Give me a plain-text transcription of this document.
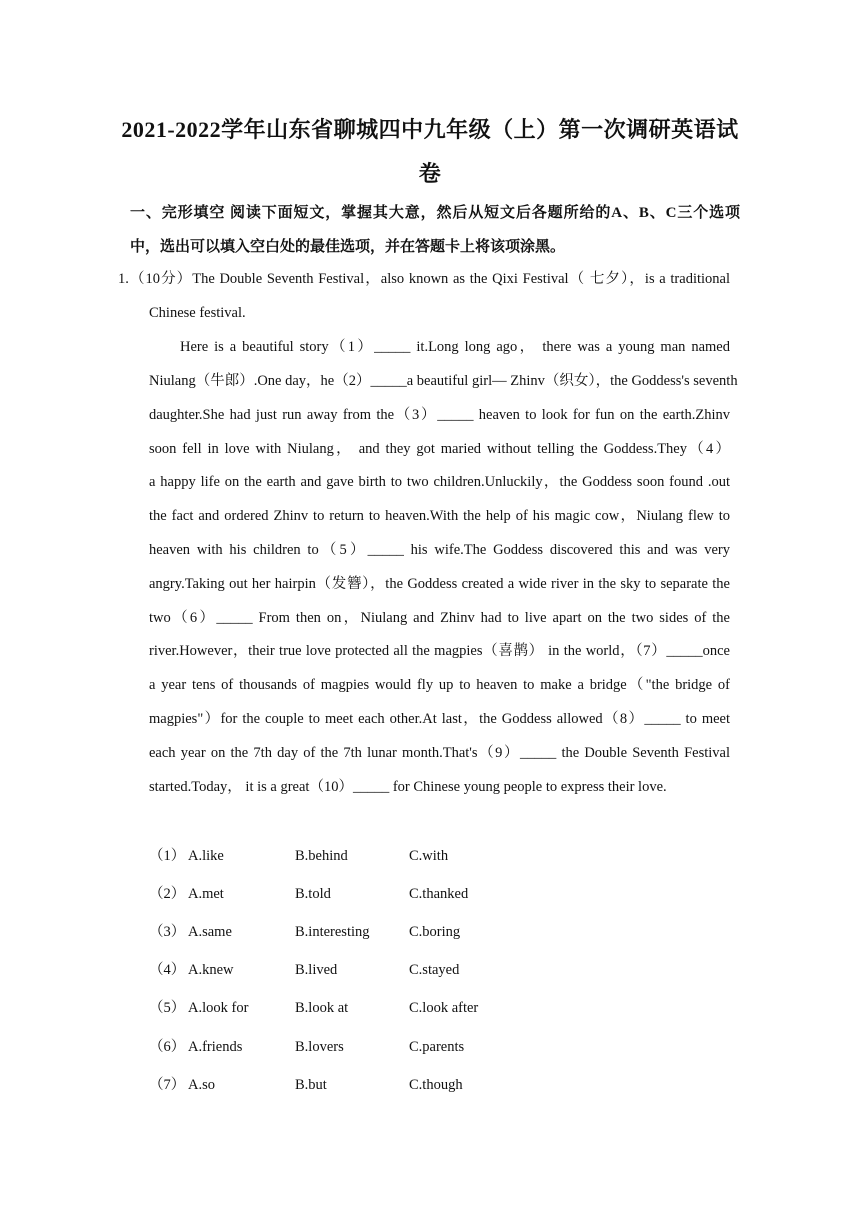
2021-2022学年山东省聊城四中九年级（上）第一次调研英语试
卷
一、完形填空 阅读下面短文，掌握其大意，然后从短文后各题所给的A、B、C三个选项
中，选出可以填入空白处的最佳选项，并在答题卡上将该项涂黑。
1.（10分）The Double Seventh Festival，also known as the Qixi Festival（ 七夕），is a traditional
Chinese festival.
Here is a beautiful story（1）_____ it.Long long ago， there was a young man named
Niulang（牛郎）.One day，he（2）_____a beautiful girl— Zhinv（织女），the Goddess's seventh
daughter.She had just run away from the（3）_____ heaven to look for fun on the earth.Zhinv
soon fell in love with Niulang， and they got maried without telling the Goddess.They（4）
a happy life on the earth and gave birth to two children.Unluckily，the Goddess soon found .out
the fact and ordered Zhinv to return to heaven.With the help of his magic cow，Niulang flew to
heaven with his children to（5）_____ his wife.The Goddess discovered this and was very
angry.Taking out her hairpin（发簪），the Goddess created a wide river in the sky to separate the
two（6）_____ From then on，Niulang and Zhinv had to live apart on the two sides of the
river.However，their true love protected all the magpies（喜鹊） in the world，（7）_____once
a year tens of thousands of magpies would fly up to heaven to make a bridge（"the bridge of
magpies"）for the couple to meet each other.At last，the Goddess allowed（8）_____ to meet
each year on the 7th day of the 7th lunar month.That's（9）_____ the Double Seventh Festival
started.Today， it is a great（10）_____ for Chinese young people to express their love.
（1） A.like	B.behind	C.with
（2） A.met	B.told	C.thanked
（3） A.same	B.interesting	C.boring
（4） A.knew	B.lived	C.stayed
（5） A.look for	B.look at	C.look after
（6） A.friends	B.lovers	C.parents
（7） A.so	B.but	C.though
